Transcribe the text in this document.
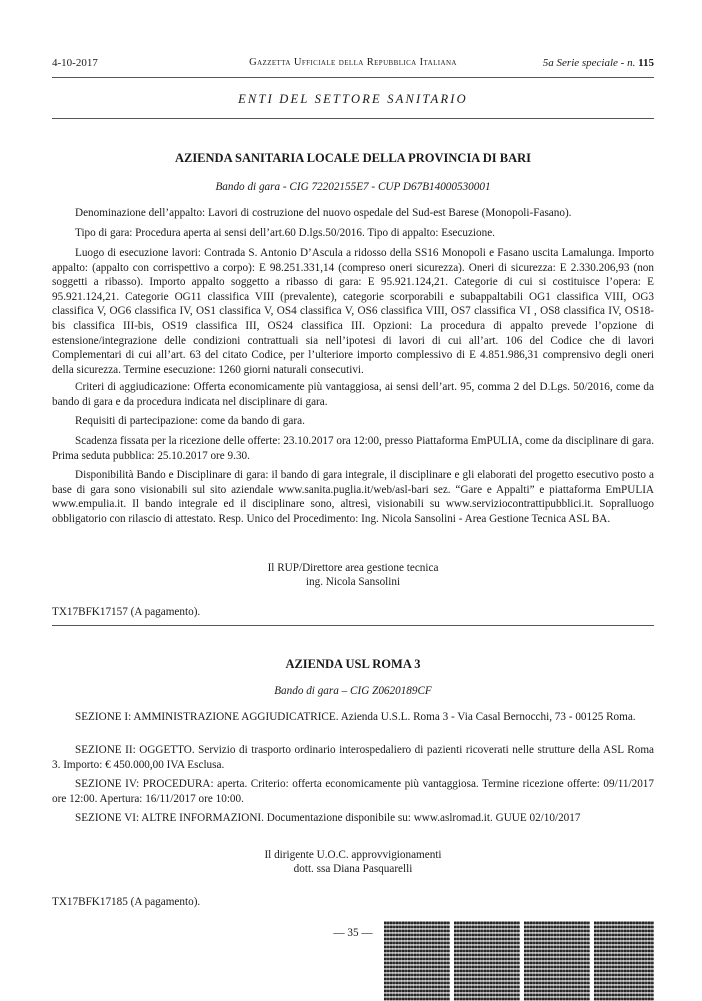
4-10-2017	Gazzetta Ufficiale della Repubblica Italiana	5a Serie speciale - n. 115
ENTI DEL SETTORE SANITARIO
AZIENDA SANITARIA LOCALE DELLA PROVINCIA DI BARI
Bando di gara - CIG 72202155E7 - CUP D67B14000530001

Denominazione dell’appalto: Lavori di costruzione del nuovo ospedale del Sud-est Barese (Monopoli-Fasano).

Tipo di gara: Procedura aperta ai sensi dell’art.60 D.lgs.50/2016. Tipo di appalto: Esecuzione.

Luogo di esecuzione lavori: Contrada S. Antonio D’Ascula a ridosso della SS16 Monopoli e Fasano uscita Lamalunga. Importo appalto: (appalto con corrispettivo a corpo): E 98.251.331,14 (compreso oneri sicurezza). Oneri di sicurezza: E 2.330.206,93 (non soggetti a ribasso). Importo appalto soggetto a ribasso di gara: E 95.921.124,21. Categorie di cui si costituisce l’opera: E 95.921.124,21. Categorie OG11 classifica VIII (prevalente), categorie scorporabili e subappaltabili OG1 classifica VIII, OG3 classifica V, OG6 classifica IV, OS1 classifica V, OS4 classifica V, OS6 classifica VIII, OS7 classifica VI , OS8 classifica IV, OS18-bis classifica III-bis, OS19 classifica III, OS24 classifica III. Opzioni: La procedura di appalto prevede l’opzione di estensione/integrazione delle condizioni contrattuali sia nell’ipotesi di lavori di cui all’art. 106 del Codice che di lavori Complementari di cui all’art. 63 del citato Codice, per l’ulteriore importo complessivo di E 4.851.986,31 comprensivo degli oneri della sicurezza. Termine esecuzione: 1260 giorni naturali consecutivi.

Criteri di aggiudicazione: Offerta economicamente più vantaggiosa, ai sensi dell’art. 95, comma 2 del D.Lgs. 50/2016, come da bando di gara e da procedura indicata nel disciplinare di gara.

Requisiti di partecipazione: come da bando di gara.

Scadenza fissata per la ricezione delle offerte: 23.10.2017 ora 12:00, presso Piattaforma EmPULIA, come da disciplinare di gara. Prima seduta pubblica: 25.10.2017 ore 9.30.

Disponibilità Bando e Disciplinare di gara: il bando di gara integrale, il disciplinare e gli elaborati del progetto esecutivo posto a base di gara sono visionabili sul sito aziendale www.sanita.puglia.it/web/asl-bari sez. “Gare e Appalti” e piattaforma EmPULIA www.empulia.it. Il bando integrale ed il disciplinare sono, altresì, visionabili su www.serviziocontrattipubblici.it. Sopralluogo obbligatorio con rilascio di attestato. Resp. Unico del Procedimento: Ing. Nicola Sansolini - Area Gestione Tecnica ASL BA.

Il RUP/Direttore area gestione tecnica
ing. Nicola Sansolini
TX17BFK17157 (A pagamento).
AZIENDA USL ROMA 3
Bando di gara – CIG Z0620189CF

SEZIONE I: AMMINISTRAZIONE AGGIUDICATRICE. Azienda U.S.L. Roma 3 - Via Casal Bernocchi, 73 - 00125 Roma.

SEZIONE II: OGGETTO. Servizio di trasporto ordinario interospedaliero di pazienti ricoverati nelle strutture della ASL Roma 3. Importo: € 450.000,00 IVA Esclusa.

SEZIONE IV: PROCEDURA: aperta. Criterio: offerta economicamente più vantaggiosa. Termine ricezione offerte: 09/11/2017 ore 12:00. Apertura: 16/11/2017 ore 10:00.

SEZIONE VI: ALTRE INFORMAZIONI. Documentazione disponibile su: www.aslromad.it. GUUE 02/10/2017

Il dirigente U.O.C. approvvigionamenti
dott. ssa Diana Pasquarelli
TX17BFK17185 (A pagamento).
— 35 —
